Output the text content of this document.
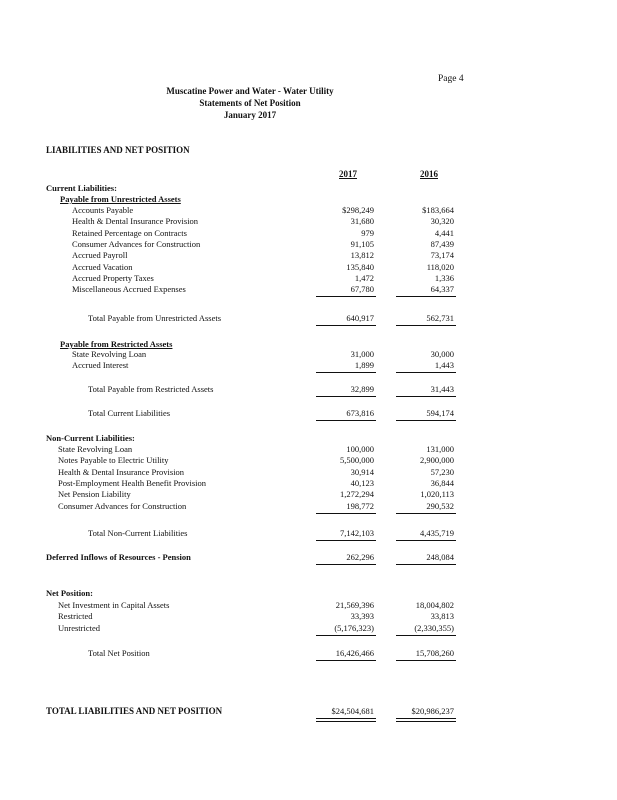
Page 4
Muscatine Power and Water - Water Utility
Statements of Net Position
January 2017
LIABILITIES AND NET POSITION
2017	2016
Current Liabilities:
Payable from Unrestricted Assets
Accounts Payable	$298,249	$183,664
Health & Dental Insurance Provision	31,680	30,320
Retained Percentage on Contracts	979	4,441
Consumer Advances for Construction	91,105	87,439
Accrued Payroll	13,812	73,174
Accrued Vacation	135,840	118,020
Accrued Property Taxes	1,472	1,336
Miscellaneous Accrued Expenses	67,780	64,337
Total Payable from Unrestricted Assets	640,917	562,731
Payable from Restricted Assets
State Revolving Loan	31,000	30,000
Accrued Interest	1,899	1,443
Total Payable from Restricted Assets	32,899	31,443
Total Current Liabilities	673,816	594,174
Non-Current Liabilities:
State Revolving Loan	100,000	131,000
Notes Payable to Electric Utility	5,500,000	2,900,000
Health & Dental Insurance Provision	30,914	57,230
Post-Employment Health Benefit Provision	40,123	36,844
Net Pension Liability	1,272,294	1,020,113
Consumer Advances for Construction	198,772	290,532
Total Non-Current Liabilities	7,142,103	4,435,719
Deferred Inflows of Resources - Pension	262,296	248,084
Net Position:
Net Investment in Capital Assets	21,569,396	18,004,802
Restricted	33,393	33,813
Unrestricted	(5,176,323)	(2,330,355)
Total Net Position	16,426,466	15,708,260
TOTAL LIABILITIES AND NET POSITION	$24,504,681	$20,986,237
